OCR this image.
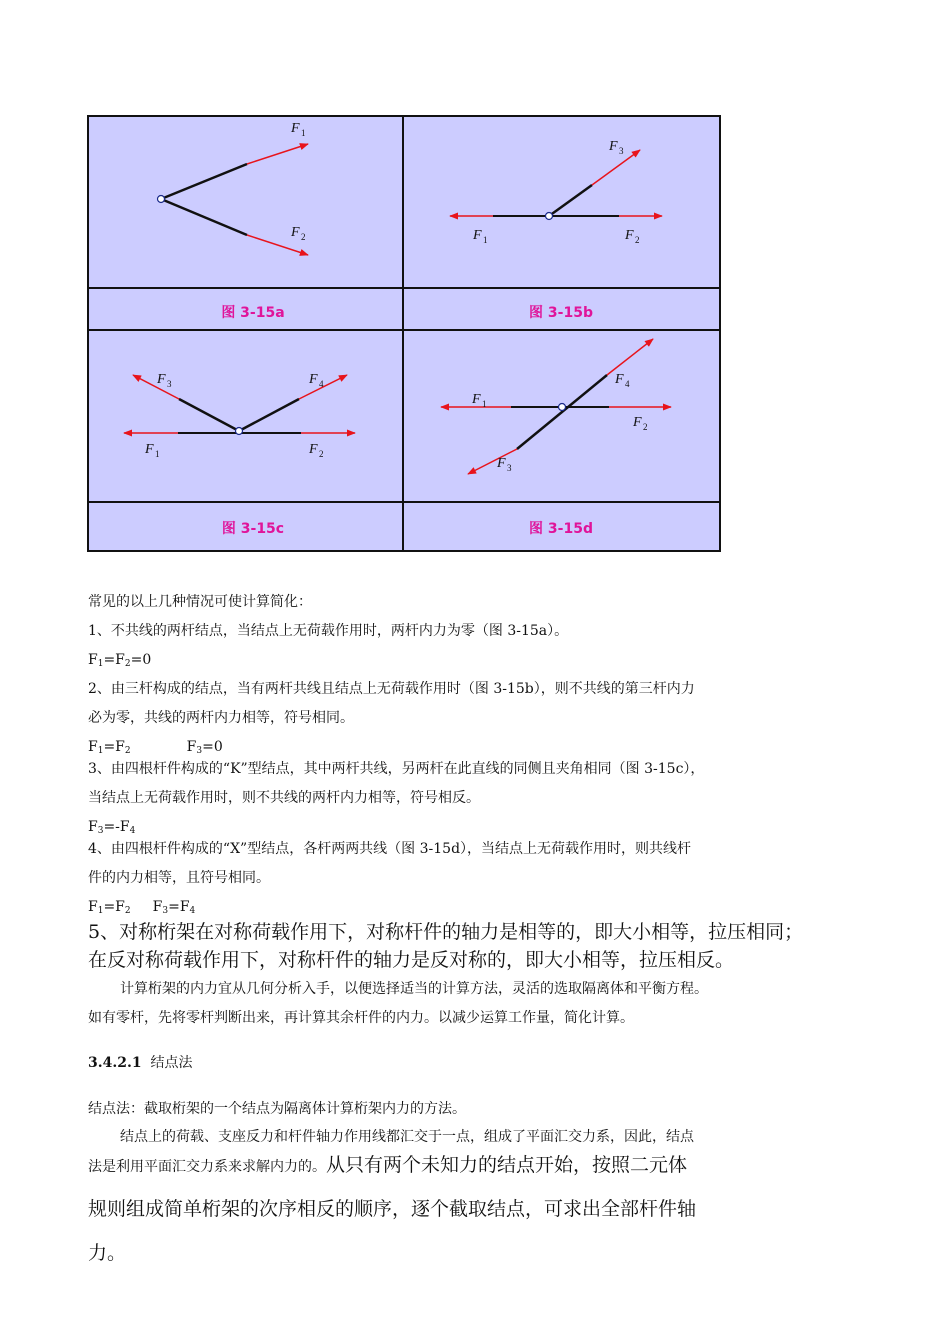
F 1
F 2
F 3
F 1	F 2
F 3	F 4
F 1	F 2
F 4
F 1
F 2
F 3
图 3-15a	图 3-15b
图 3-15c	图 3-15d

常见的以上几种情况可使计算简化：

1、不共线的两杆结点，当结点上无荷载作用时，两杆内力为零（图 3-15a）。

$F_1=F_2=0$

2、由三杆构成的结点，当有两杆共线且结点上无荷载作用时（图 3-15b），则不共线的第三杆内力

必为零，共线的两杆内力相等，符号相同。

$F_1=F_2$	$F_3=0$

3、由四根杆件构成的“K”型结点，其中两杆共线，另两杆在此直线的同侧且夹角相同（图 3-15c），

当结点上无荷载作用时，则不共线的两杆内力相等，符号相反。

$F_3=-F_4$

4、由四根杆件构成的“X”型结点，各杆两两共线（图 3-15d），当结点上无荷载作用时，则共线杆

件的内力相等，且符号相同。

$F_1=F_2$ $F_3=F_4$

5、对称桁架在对称荷载作用下，对称杆件的轴力是相等的，即大小相等，拉压相同；

在反对称荷载作用下，对称杆件的轴力是反对称的，即大小相等，拉压相反。

计算桁架的内力宜从几何分析入手，以便选择适当的计算方法，灵活的选取隔离体和平衡方程。

如有零杆，先将零杆判断出来，再计算其余杆件的内力。以减少运算工作量，简化计算。

3.4.2.1 结点法

结点法：截取桁架的一个结点为隔离体计算桁架内力的方法。

结点上的荷载、支座反力和杆件轴力作用线都汇交于一点，组成了平面汇交力系，因此，结点

法是利用平面汇交力系来求解内力的。从只有两个未知力的结点开始，按照二元体

规则组成简单桁架的次序相反的顺序，逐个截取结点，可求出全部杆件轴

力。
